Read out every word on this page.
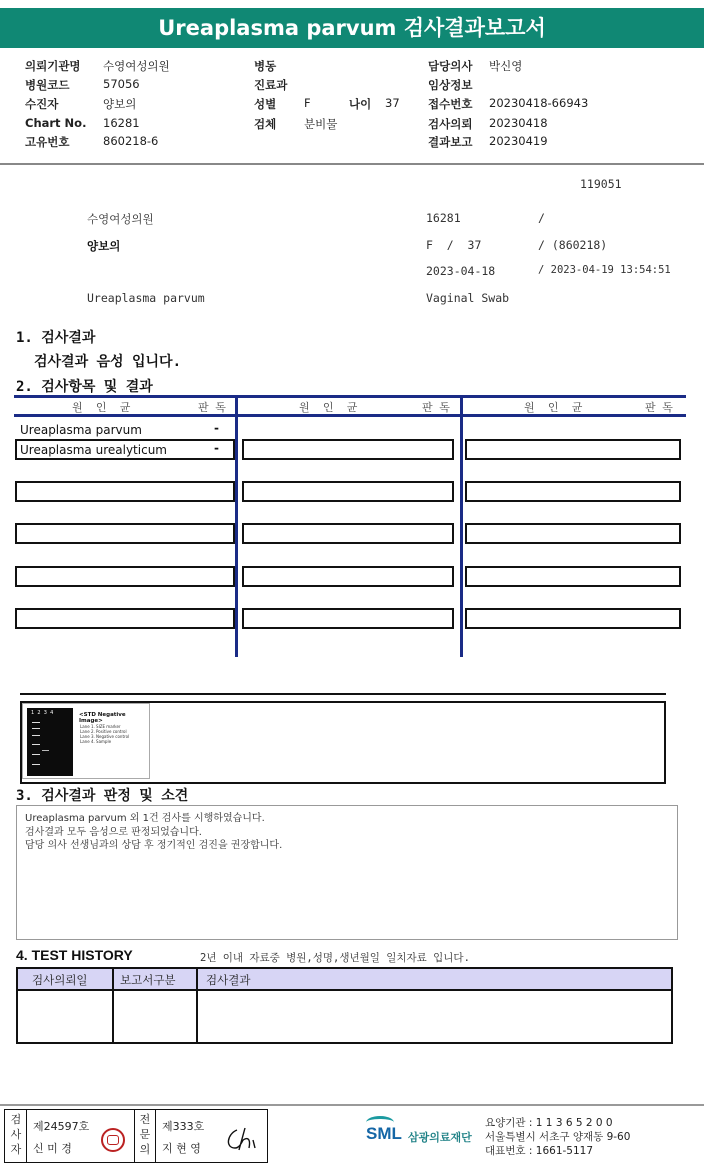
Ureaplasma parvum 검사결과보고서
의뢰기관명 수영여성의원
병원코드	57056
수진자	양보의
Chart No. 16281
고유번호	860218-6
병동
진료과
성별 F	나이 37
검체 분비물
담당의사 박신영
임상정보
접수번호 20230418-66943
검사의뢰 20230418
결과보고 20230419
119051
수영여성의원	16281	/
양보의	F  /  37	/ (860218)
2023-04-18	/ 2023-04-19 13:54:51
Ureaplasma parvum	Vaginal Swab
1. 검사결과
검사결과 음성 입니다.
2. 검사항목 및 결과
원  인  균	판 독	원  인  균	판 독	원  인  균	판 독
Ureaplasma parvum	-
Ureaplasma urealyticum	-
1  2  3  4	<STD Negative Image>
Lane 1. SIZE marker
Lane 2. Positive control
Lane 3. Negative control
Lane 4. Sample
3. 검사결과 판정 및 소견
Ureaplasma parvum 외 1건 검사를 시행하였습니다.
검사결과 모두 음성으로 판정되었습니다.
담당 의사 선생님과의 상담 후 정기적인 검진을 권장합니다.
4. TEST HISTORY	2년 이내 자료중 병원,성명,생년월일 일치자료 입니다.
검사의뢰일	보고서구분	검사결과
검사자
제24597호
신 미 경
전문의
제333호
지 현 영
SML 삼광의료재단
요양기관 : 1 1 3 6 5 2 0 0
서울특별시 서초구 양재동 9-60
대표번호 : 1661-5117
